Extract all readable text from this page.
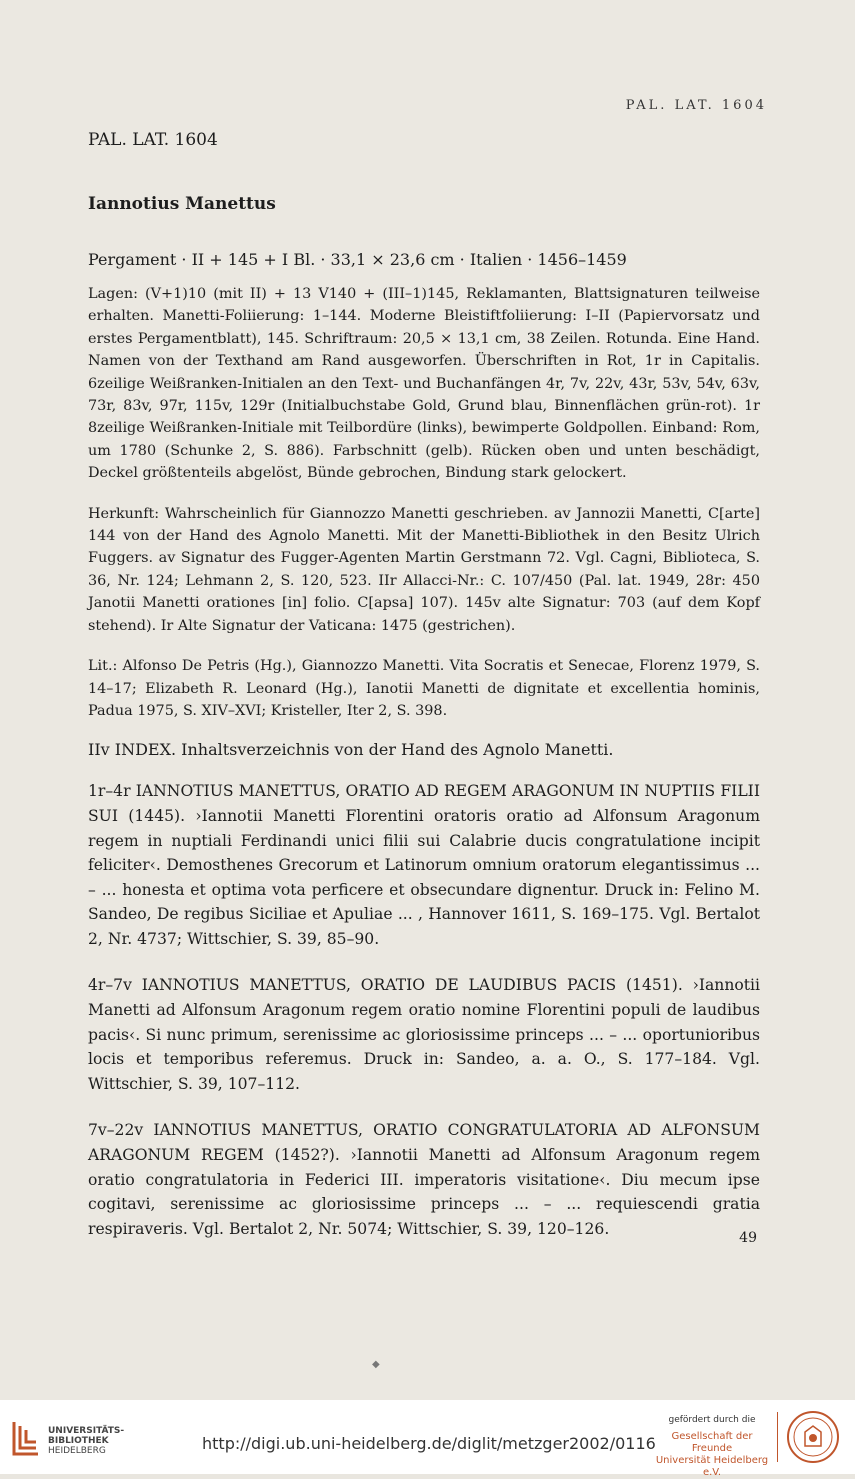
PAL. LAT. 1604
PAL. LAT. 1604
Iannotius Manettus
Pergament · II + 145 + I Bl. · 33,1 × 23,6 cm · Italien · 1456–1459

Lagen: (V+1)10 (mit II) + 13 V140 + (III–1)145, Reklamanten, Blattsignaturen teilweise erhalten. Manetti-Foliierung: 1–144. Moderne Bleistiftfoliierung: I–II (Papiervorsatz und erstes Pergamentblatt), 145. Schriftraum: 20,5 × 13,1 cm, 38 Zeilen. Rotunda. Eine Hand. Namen von der Texthand am Rand ausgeworfen. Überschriften in Rot, 1r in Capitalis. 6zeilige Weißranken-Initialen an den Text- und Buchanfängen 4r, 7v, 22v, 43r, 53v, 54v, 63v, 73r, 83v, 97r, 115v, 129r (Initialbuchstabe Gold, Grund blau, Binnenflächen grün-rot). 1r 8zeilige Weißranken-Initiale mit Teilbordüre (links), bewimperte Goldpollen. Einband: Rom, um 1780 (Schunke 2, S. 886). Farbschnitt (gelb). Rücken oben und unten beschädigt, Deckel größtenteils abgelöst, Bünde gebrochen, Bindung stark gelockert.

Herkunft: Wahrscheinlich für Giannozzo Manetti geschrieben. av Jannozii Manetti, C[arte] 144 von der Hand des Agnolo Manetti. Mit der Manetti-Bibliothek in den Besitz Ulrich Fuggers. av Signatur des Fugger-Agenten Martin Gerstmann 72. Vgl. Cagni, Biblioteca, S. 36, Nr. 124; Lehmann 2, S. 120, 523. IIr Allacci-Nr.: C. 107/450 (Pal. lat. 1949, 28r: 450 Janotii Manetti orationes [in] folio. C[apsa] 107). 145v alte Signatur: 703 (auf dem Kopf stehend). Ir Alte Signatur der Vaticana: 1475 (gestrichen).

Lit.: Alfonso De Petris (Hg.), Giannozzo Manetti. Vita Socratis et Senecae, Florenz 1979, S. 14–17; Elizabeth R. Leonard (Hg.), Ianotii Manetti de dignitate et excellentia hominis, Padua 1975, S. XIV–XVI; Kristeller, Iter 2, S. 398.

IIv INDEX. Inhaltsverzeichnis von der Hand des Agnolo Manetti.

1r–4r IANNOTIUS MANETTUS, ORATIO AD REGEM ARAGONUM IN NUPTIIS FILII SUI (1445). ›Iannotii Manetti Florentini oratoris oratio ad Alfonsum Aragonum regem in nuptiali Ferdinandi unici filii sui Calabrie ducis congratulatione incipit feliciter‹. Demosthenes Grecorum et Latinorum omnium oratorum elegantissimus ... – ... honesta et optima vota perficere et obsecundare dignentur. Druck in: Felino M. Sandeo, De regibus Siciliae et Apuliae ... , Hannover 1611, S. 169–175. Vgl. Bertalot 2, Nr. 4737; Wittschier, S. 39, 85–90.

4r–7v IANNOTIUS MANETTUS, ORATIO DE LAUDIBUS PACIS (1451). ›Iannotii Manetti ad Alfonsum Aragonum regem oratio nomine Florentini populi de laudibus pacis‹. Si nunc primum, serenissime ac gloriosissime princeps ... – ... oportunioribus locis et temporibus referemus. Druck in: Sandeo, a. a. O., S. 177–184. Vgl. Wittschier, S. 39, 107–112.

7v–22v IANNOTIUS MANETTUS, ORATIO CONGRATULATORIA AD ALFONSUM ARAGONUM REGEM (1452?). ›Iannotii Manetti ad Alfonsum Aragonum regem oratio congratulatoria in Federici III. imperatoris visitatione‹. Diu mecum ipse cogitavi, serenissime ac gloriosissime princeps ... – ... requiescendi gratia respiraveris. Vgl. Bertalot 2, Nr. 5074; Wittschier, S. 39, 120–126.

49
◆
UNIVERSITÄTS-
BIBLIOTHEK
HEIDELBERG	http://digi.ub.uni-heidelberg.de/diglit/metzger2002/0116
gefördert durch die
Gesellschaft der Freunde
Universität Heidelberg e.V.
